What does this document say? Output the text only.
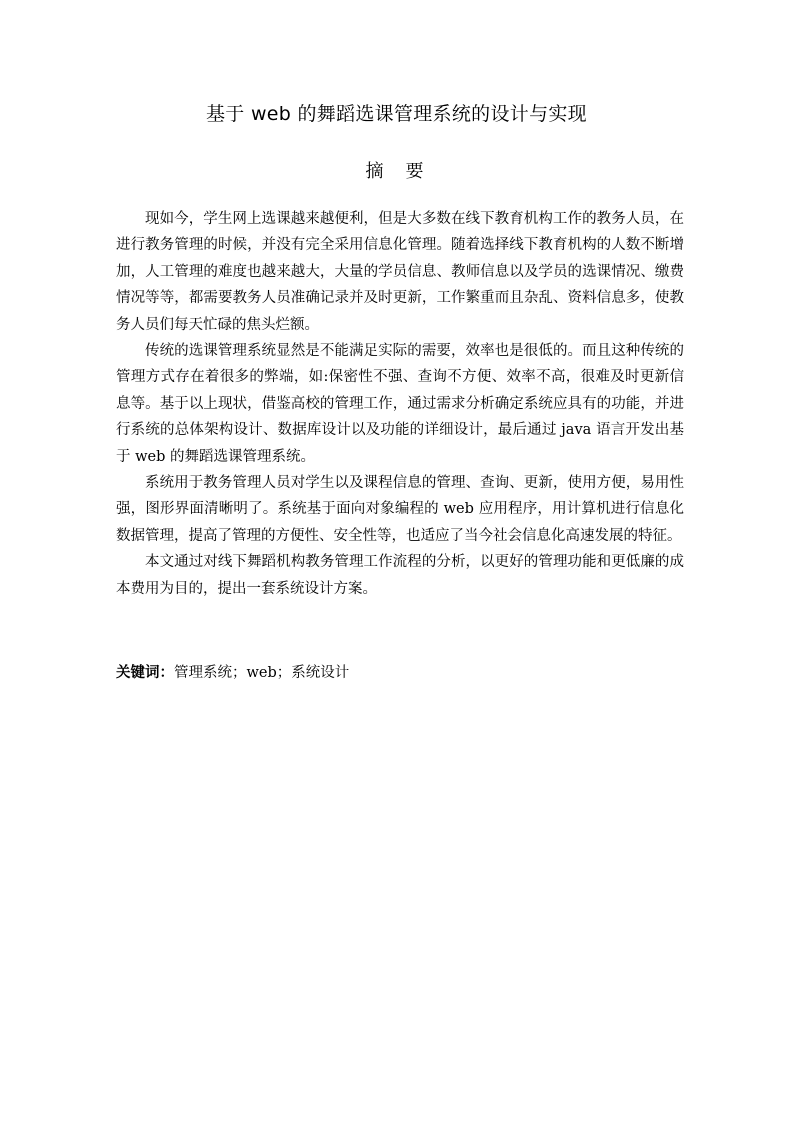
基于 web 的舞蹈选课管理系统的设计与实现
摘要

现如今，学生网上选课越来越便利，但是大多数在线下教育机构工作的教务人员，在进行教务管理的时候，并没有完全采用信息化管理。随着选择线下教育机构的人数不断增加，人工管理的难度也越来越大，大量的学员信息、教师信息以及学员的选课情况、缴费情况等等，都需要教务人员准确记录并及时更新，工作繁重而且杂乱、资料信息多，使教务人员们每天忙碌的焦头烂额。

传统的选课管理系统显然是不能满足实际的需要，效率也是很低的。而且这种传统的管理方式存在着很多的弊端，如:保密性不强、查询不方便、效率不高，很难及时更新信息等。基于以上现状，借鉴高校的管理工作，通过需求分析确定系统应具有的功能，并进行系统的总体架构设计、数据库设计以及功能的详细设计，最后通过 java 语言开发出基于 web 的舞蹈选课管理系统。

系统用于教务管理人员对学生以及课程信息的管理、查询、更新，使用方便，易用性强，图形界面清晰明了。系统基于面向对象编程的 web 应用程序，用计算机进行信息化数据管理，提高了管理的方便性、安全性等，也适应了当今社会信息化高速发展的特征。

本文通过对线下舞蹈机构教务管理工作流程的分析，以更好的管理功能和更低廉的成本费用为目的，提出一套系统设计方案。

关键词：管理系统；web；系统设计
